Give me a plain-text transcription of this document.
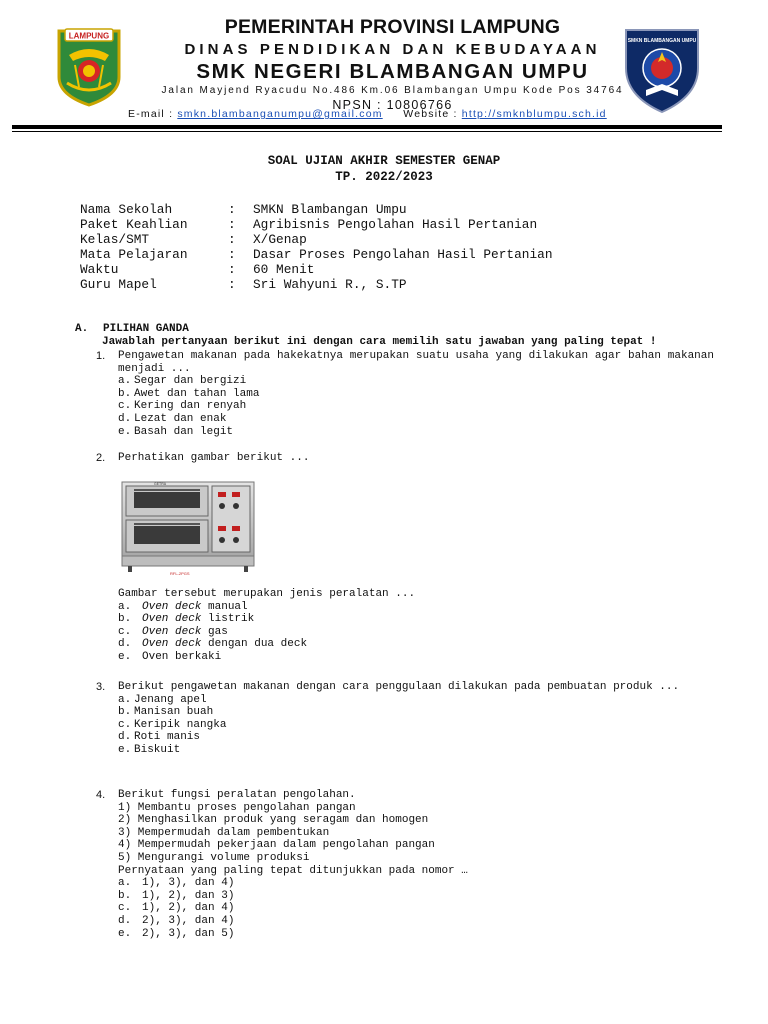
LAMPUNG	PEMERINTAH PROVINSI LAMPUNG
DINAS PENDIDIKAN DAN KEBUDAYAAN
SMK NEGERI BLAMBANGAN UMPU
Jalan Mayjend Ryacudu No.486 Km.06 Blambangan Umpu Kode Pos 34764
NPSN : 10806766
E-mail : smkn.blambanganumpu@gmail.com Website : http://smknblumpu.sch.id
SMKN BLAMBANGAN UMPU
SOAL UJIAN AKHIR SEMESTER GENAP
TP. 2022/2023
Nama Sekolah	:	SMKN Blambangan Umpu
Paket Keahlian	:	Agribisnis Pengolahan Hasil Pertanian
Kelas/SMT	:	X/Genap
Mata Pelajaran	:	Dasar Proses Pengolahan Hasil Pertanian
Waktu	:	60 Menit
Guru Mapel	:	Sri Wahyuni R., S.TP
A. PILIHAN GANDA
Jawablah pertanyaan berikut ini dengan cara memilih satu jawaban yang paling tepat !
1. Pengawetan makanan pada hakekatnya merupakan suatu usaha yang dilakukan agar bahan makanan menjadi ...
a. Segar dan bergizi
b. Awet dan tahan lama
c. Kering dan renyah
d. Lezat dan enak
e. Basah dan legit
2. Perhatikan gambar berikut ...
GETRA
RFL-2PGS
Gambar tersebut merupakan jenis peralatan ...
a. Oven deck manual
b. Oven deck listrik
c. Oven deck gas
d. Oven deck dengan dua deck
e. Oven berkaki
3. Berikut pengawetan makanan dengan cara penggulaan dilakukan pada pembuatan produk ...
a. Jenang apel
b. Manisan buah
c. Keripik nangka
d. Roti manis
e. Biskuit
4. Berikut fungsi peralatan pengolahan.
1) Membantu proses pengolahan pangan
2) Menghasilkan produk yang seragam dan homogen
3) Mempermudah dalam pembentukan
4) Mempermudah pekerjaan dalam pengolahan pangan
5) Mengurangi volume produksi
Pernyataan yang paling tepat ditunjukkan pada nomor …
a. 1), 3), dan 4)
b. 1), 2), dan 3)
c. 1), 2), dan 4)
d. 2), 3), dan 4)
e. 2), 3), dan 5)
